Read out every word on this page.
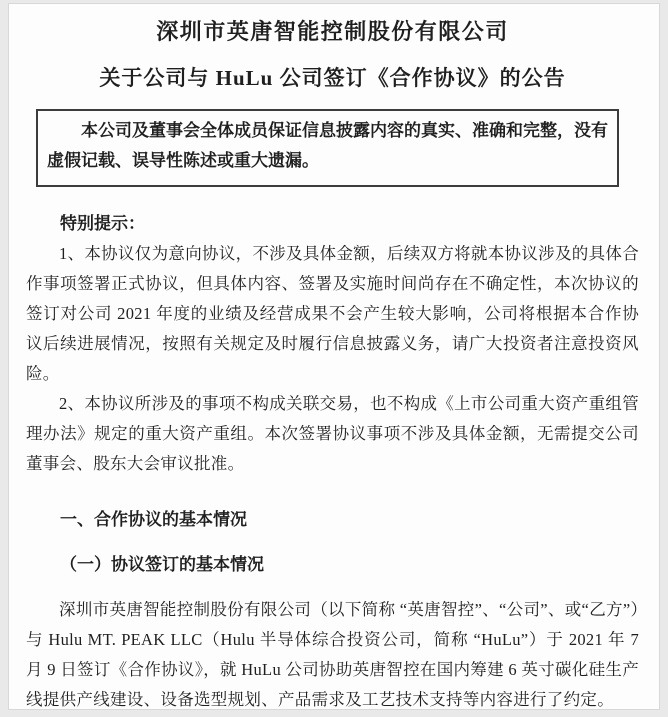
深圳市英唐智能控制股份有限公司
关于公司与 HuLu 公司签订《合作协议》的公告

本公司及董事会全体成员保证信息披露内容的真实、准确和完整，没有虚假记载、误导性陈述或重大遗漏。

特别提示：

1、本协议仅为意向协议，不涉及具体金额，后续双方将就本协议涉及的具体合作事项签署正式协议，但具体内容、签署及实施时间尚存在不确定性，本次协议的签订对公司 2021 年度的业绩及经营成果不会产生较大影响，公司将根据本合作协议后续进展情况，按照有关规定及时履行信息披露义务，请广大投资者注意投资风险。

2、本协议所涉及的事项不构成关联交易，也不构成《上市公司重大资产重组管理办法》规定的重大资产重组。本次签署协议事项不涉及具体金额，无需提交公司董事会、股东大会审议批准。

一、合作协议的基本情况

（一）协议签订的基本情况

深圳市英唐智能控制股份有限公司（以下简称 “英唐智控”、“公司”、或“乙方”）与 Hulu MT. PEAK LLC（Hulu 半导体综合投资公司，简称 “HuLu”）于 2021 年 7 月 9 日签订《合作协议》，就 HuLu 公司协助英唐智控在国内筹建 6 英寸碳化硅生产线提供产线建设、设备选型规划、产品需求及工艺技术支持等内容进行了约定。
